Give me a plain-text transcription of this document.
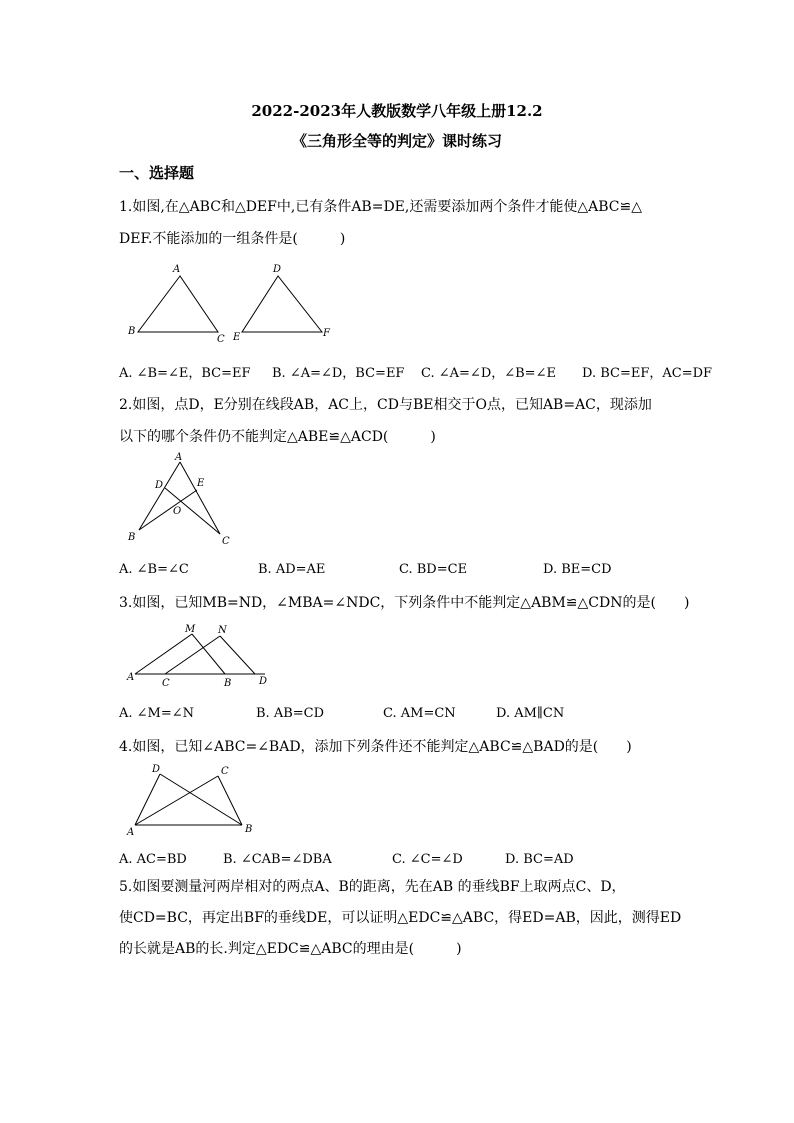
2022-2023年人教版数学八年级上册12.2
《三角形全等的判定》课时练习
一、选择题
1.如图,在△ABC和△DEF中,已有条件AB=DE,还需要添加两个条件才能使△ABC≌△
DEF.不能添加的一组条件是(　　　)
A
B
C
D
E	F
A. ∠B=∠E，BC=EF B. ∠A=∠D，BC=EF C. ∠A=∠D，∠B=∠E D. BC=EF，AC=DF
2.如图，点D，E分别在线段AB，AC上，CD与BE相交于O点，已知AB=AC，现添加
以下的哪个条件仍不能判定△ABE≌△ACD(　　　)
A
D	E
O
B	C
A. ∠B=∠C	B. AD=AE	C. BD=CE	D. BE=CD
3.如图，已知MB=ND，∠MBA=∠NDC，下列条件中不能判定△ABM≌△CDN的是(　　)
M N
A
C	B	D
A. ∠M=∠N	B. AB=CD	C. AM=CN	D. AM∥CN
4.如图，已知∠ABC=∠BAD，添加下列条件还不能判定△ABC≌△BAD的是(　　)
D	C
A	B
A. AC=BD	B. ∠CAB=∠DBA	C. ∠C=∠D	D. BC=AD
5.如图要测量河两岸相对的两点A、B的距离，先在AB 的垂线BF上取两点C、D，
使CD=BC，再定出BF的垂线DE，可以证明△EDC≌△ABC，得ED=AB，因此，测得ED
的长就是AB的长.判定△EDC≌△ABC的理由是(　　　)
